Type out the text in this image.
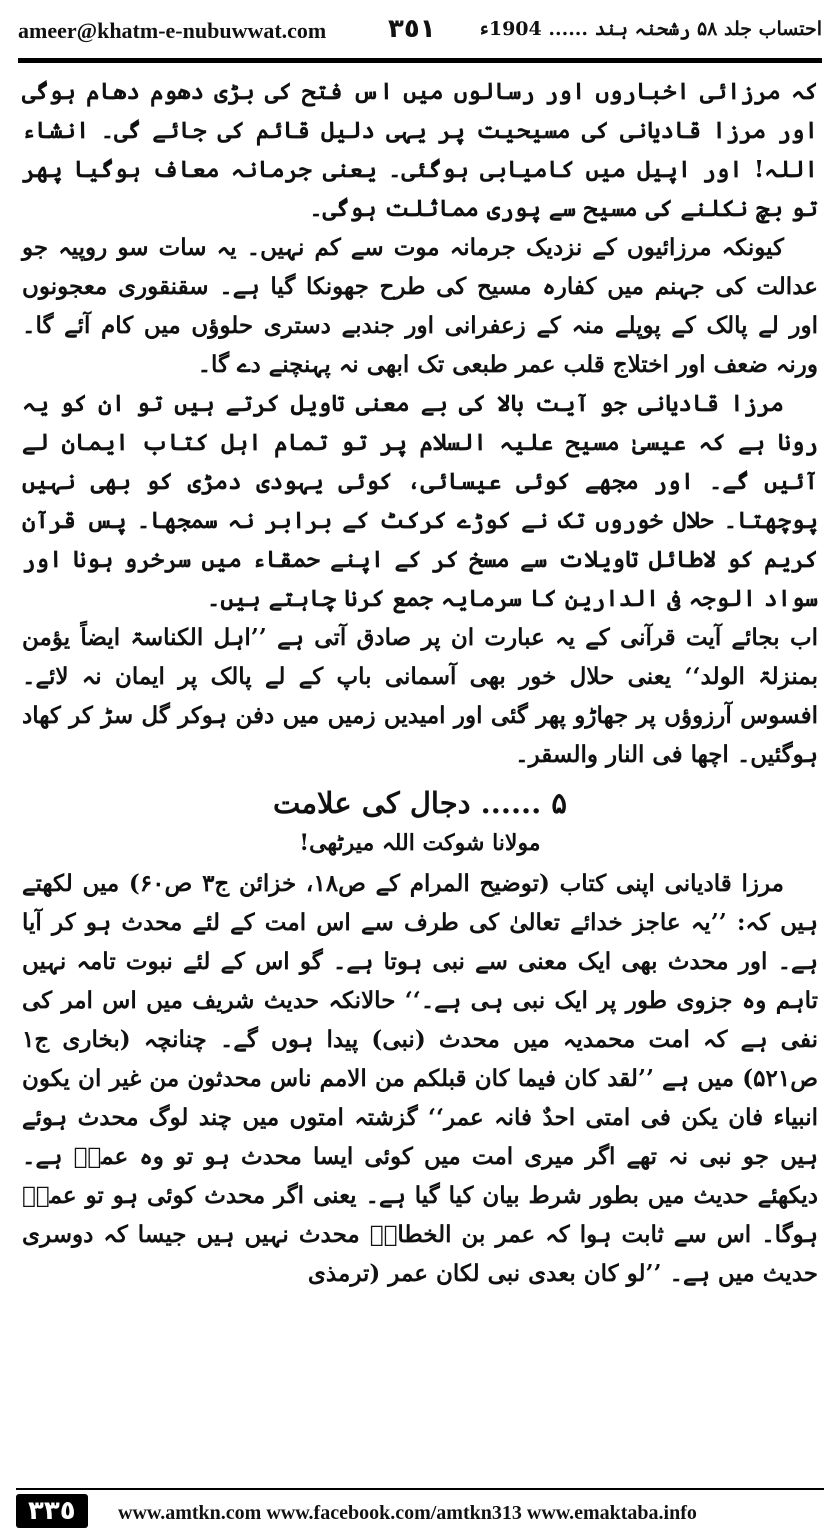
ameer@khatm-e-nubuwwat.com ٣٥١ احتساب جلد ۵۸ رشحنہ ہند ...... 1904ء

کہ مرزائی اخباروں اور رسالوں میں اس فتح کی بڑی دھوم دھام ہوگی اور مرزا قادیانی کی مسیحیت پر یہی دلیل قائم کی جائے گی۔ انشاء اللہ! اور اپیل میں کامیابی ہوگئی۔ یعنی جرمانہ معاف ہوگیا پھر تو بچ نکلنے کی مسیح سے پوری مماثلت ہوگی۔

کیونکہ مرزائیوں کے نزدیک جرمانہ موت سے کم نہیں۔ یہ سات سو روپیہ جو عدالت کی جہنم میں کفارہ مسیح کی طرح جھونکا گیا ہے۔ سقنقوری معجونوں اور لے پالک کے پوپلے منہ کے زعفرانی اور جندبے دستری حلوؤں میں کام آئے گا۔ ورنہ ضعف اور اختلاج قلب عمر طبعی تک ابھی نہ پہنچنے دے گا۔

مرزا قادیانی جو آیت بالا کی بے معنی تاویل کرتے ہیں تو ان کو یہ رونا ہے کہ عیسیٰ مسیح علیہ السلام پر تو تمام اہل کتاب ایمان لے آئیں گے۔ اور مجھے کوئی عیسائی، کوئی یہودی دمڑی کو بھی نہیں پوچھتا۔ حلال خوروں تک نے کوڑے کرکٹ کے برابر نہ سمجھا۔ پس قرآن کریم کو لاطائل تاویلات سے مسخ کر کے اپنے حمقاء میں سرخرو ہونا اور سواد الوجہ فی الدارین کا سرمایہ جمع کرنا چاہتے ہیں۔

اب بجائے آیت قرآنی کے یہ عبارت ان پر صادق آتی ہے ’’اہل الکناسۃ ایضاً یؤمن بمنزلۃ الولد‘‘ یعنی حلال خور بھی آسمانی باپ کے لے پالک پر ایمان نہ لائے۔ افسوس آرزوؤں پر جھاڑو پھر گئی اور امیدیں زمیں میں دفن ہوکر گل سڑ کر کھاد ہوگئیں۔ اچھا فی النار والسقر۔

۵ ...... دجال کی علامت
مولانا شوکت اللہ میرٹھی!

مرزا قادیانی اپنی کتاب (توضیح المرام کے ص۱۸، خزائن ج۳ ص۶۰) میں لکھتے ہیں کہ: ’’یہ عاجز خدائے تعالیٰ کی طرف سے اس امت کے لئے محدث ہو کر آیا ہے۔ اور محدث بھی ایک معنی سے نبی ہوتا ہے۔ گو اس کے لئے نبوت تامہ نہیں تاہم وہ جزوی طور پر ایک نبی ہی ہے۔‘‘ حالانکہ حدیث شریف میں اس امر کی نفی ہے کہ امت محمدیہ میں محدث (نبی) پیدا ہوں گے۔ چنانچہ (بخاری ج۱ ص۵۲۱) میں ہے ’’لقد کان فیما کان قبلکم من الامم ناس محدثون من غیر ان یکون انبیاء فان یکن فی امتی احدٌ فانہ عمر‘‘ گزشتہ امتوں میں چند لوگ محدث ہوئے ہیں جو نبی نہ تھے اگر میری امت میں کوئی ایسا محدث ہو تو وہ عمرؓ ہے۔ دیکھئے حدیث میں بطور شرط بیان کیا گیا ہے۔ یعنی اگر محدث کوئی ہو تو عمرؓ ہوگا۔ اس سے ثابت ہوا کہ عمر بن الخطابؓ محدث نہیں ہیں جیسا کہ دوسری حدیث میں ہے۔ ’’لو کان بعدی نبی لکان عمر (ترمذی

٣٣٥	www.amtkn.com www.facebook.com/amtkn313 www.emaktaba.info
